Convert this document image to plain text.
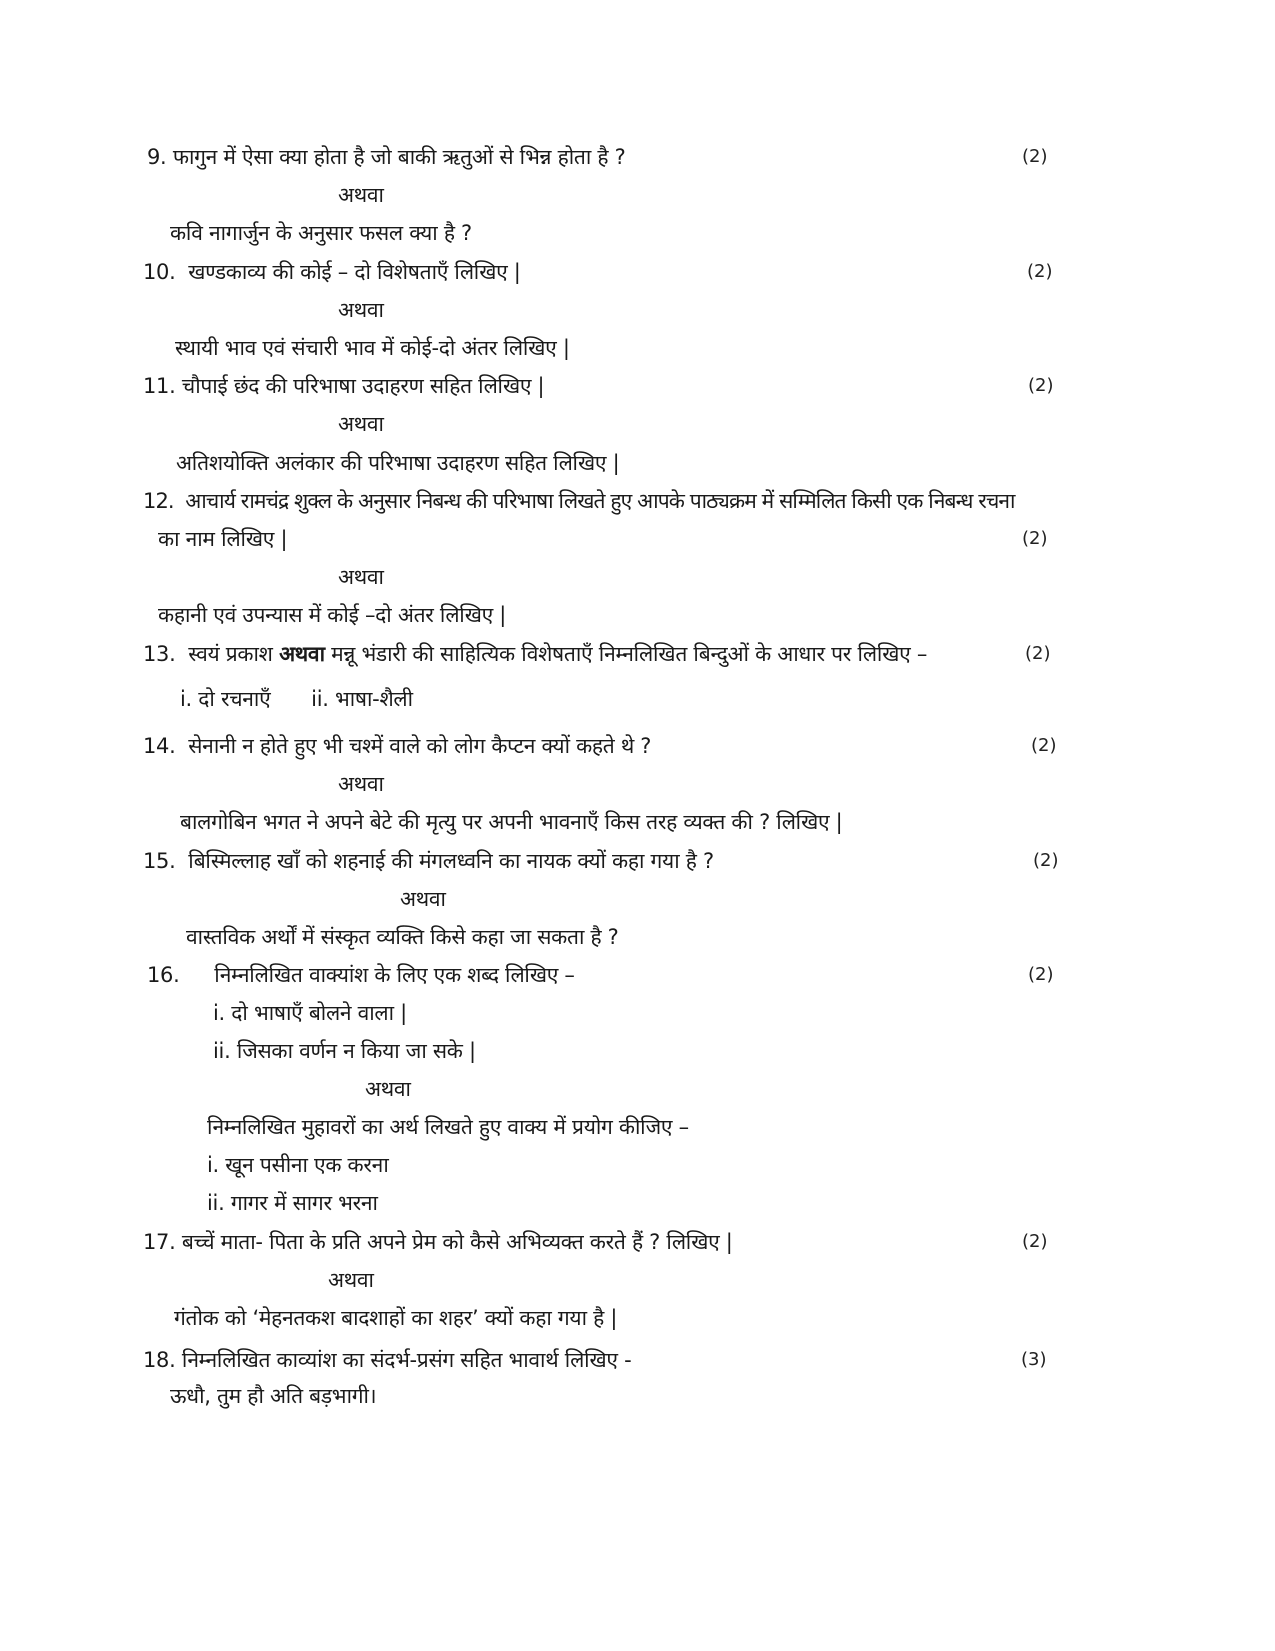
9. फागुन में ऐसा क्या होता है जो बाकी ऋतुओं से भिन्न होता है ?	(2)
अथवा
कवि नागार्जुन के अनुसार फसल क्या है ?
10. खण्डकाव्य की कोई – दो विशेषताएँ लिखिए |	(2)
अथवा
स्थायी भाव एवं संचारी भाव में कोई-दो अंतर लिखिए |
11. चौपाई छंद की परिभाषा उदाहरण सहित लिखिए |	(2)
अथवा
अतिशयोक्ति अलंकार की परिभाषा उदाहरण सहित लिखिए |
12. आचार्य रामचंद्र शुक्ल के अनुसार निबन्ध की परिभाषा लिखते हुए आपके पाठ्यक्रम में सम्मिलित किसी एक निबन्ध रचना
का नाम लिखिए |	(2)
अथवा
कहानी एवं उपन्यास में कोई –दो अंतर लिखिए |
13. स्वयं प्रकाश अथवा मन्नू भंडारी की साहित्यिक विशेषताएँ निम्नलिखित बिन्दुओं के आधार पर लिखिए –	(2)
i. दो रचनाएँ ii. भाषा-शैली
14. सेनानी न होते हुए भी चश्में वाले को लोग कैप्टन क्यों कहते थे ?	(2)
अथवा
बालगोबिन भगत ने अपने बेटे की मृत्यु पर अपनी भावनाएँ किस तरह व्यक्त की ? लिखिए |
15. बिस्मिल्लाह खाँ को शहनाई की मंगलध्वनि का नायक क्यों कहा गया है ?	(2)
अथवा
वास्तविक अर्थों में संस्कृत व्यक्ति किसे कहा जा सकता है ?
16. निम्नलिखित वाक्यांश के लिए एक शब्द लिखिए –	(2)
i. दो भाषाएँ बोलने वाला |
ii. जिसका वर्णन न किया जा सके |
अथवा
निम्नलिखित मुहावरों का अर्थ लिखते हुए वाक्य में प्रयोग कीजिए –
i. खून पसीना एक करना
ii. गागर में सागर भरना
17. बच्चें माता- पिता के प्रति अपने प्रेम को कैसे अभिव्यक्त करते हैं ? लिखिए |	(2)
अथवा
गंतोक को ‘मेहनतकश बादशाहों का शहर’ क्यों कहा गया है |
18. निम्नलिखित काव्यांश का संदर्भ-प्रसंग सहित भावार्थ लिखिए -	(3)
ऊधौ, तुम हौ अति बड़भागी।
